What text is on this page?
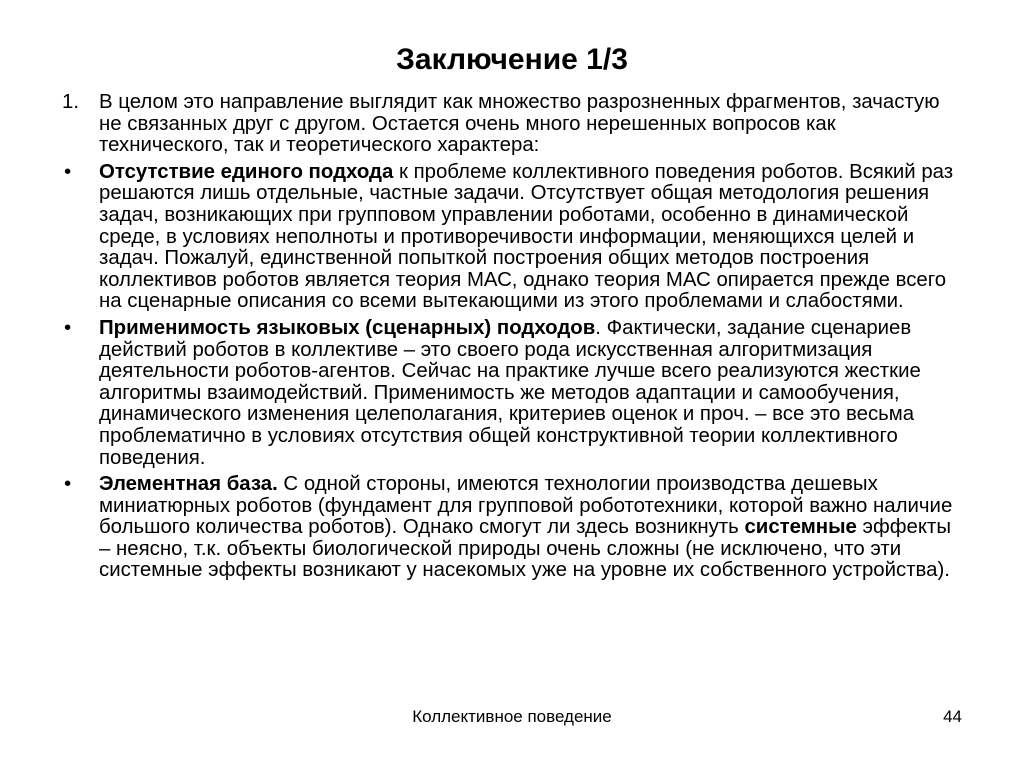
Заключение 1/3
1. В целом это направление выглядит как множество разрозненных фрагментов, зачастую не связанных друг с другом. Остается очень много нерешенных вопросов как технического, так и теоретического характера:
• Отсутствие единого подхода к проблеме коллективного поведения роботов. Всякий раз решаются лишь отдельные, частные задачи. Отсутствует общая методология решения задач, возникающих при групповом управлении роботами, особенно в динамической среде, в условиях неполноты и противоречивости информации, меняющихся целей и задач. Пожалуй, единственной попыткой построения общих методов построения коллективов роботов является теория МАС, однако теория МАС опирается прежде всего на сценарные описания со всеми вытекающими из этого проблемами и слабостями.
• Применимость языковых (сценарных) подходов. Фактически, задание сценариев действий роботов в коллективе – это своего рода искусственная алгоритмизация деятельности роботов-агентов. Сейчас на практике лучше всего реализуются жесткие алгоритмы взаимодействий. Применимость же методов адаптации и самообучения, динамического изменения целеполагания, критериев оценок и проч. – все это весьма проблематично в условиях отсутствия общей конструктивной теории коллективного поведения.
• Элементная база. С одной стороны, имеются технологии производства дешевых миниатюрных роботов (фундамент для групповой робототехники, которой важно наличие большого количества роботов). Однако смогут ли здесь возникнуть системные эффекты – неясно, т.к. объекты биологической природы очень сложны (не исключено, что эти системные эффекты возникают у насекомых уже на уровне их собственного устройства).
Коллективное поведение	44
